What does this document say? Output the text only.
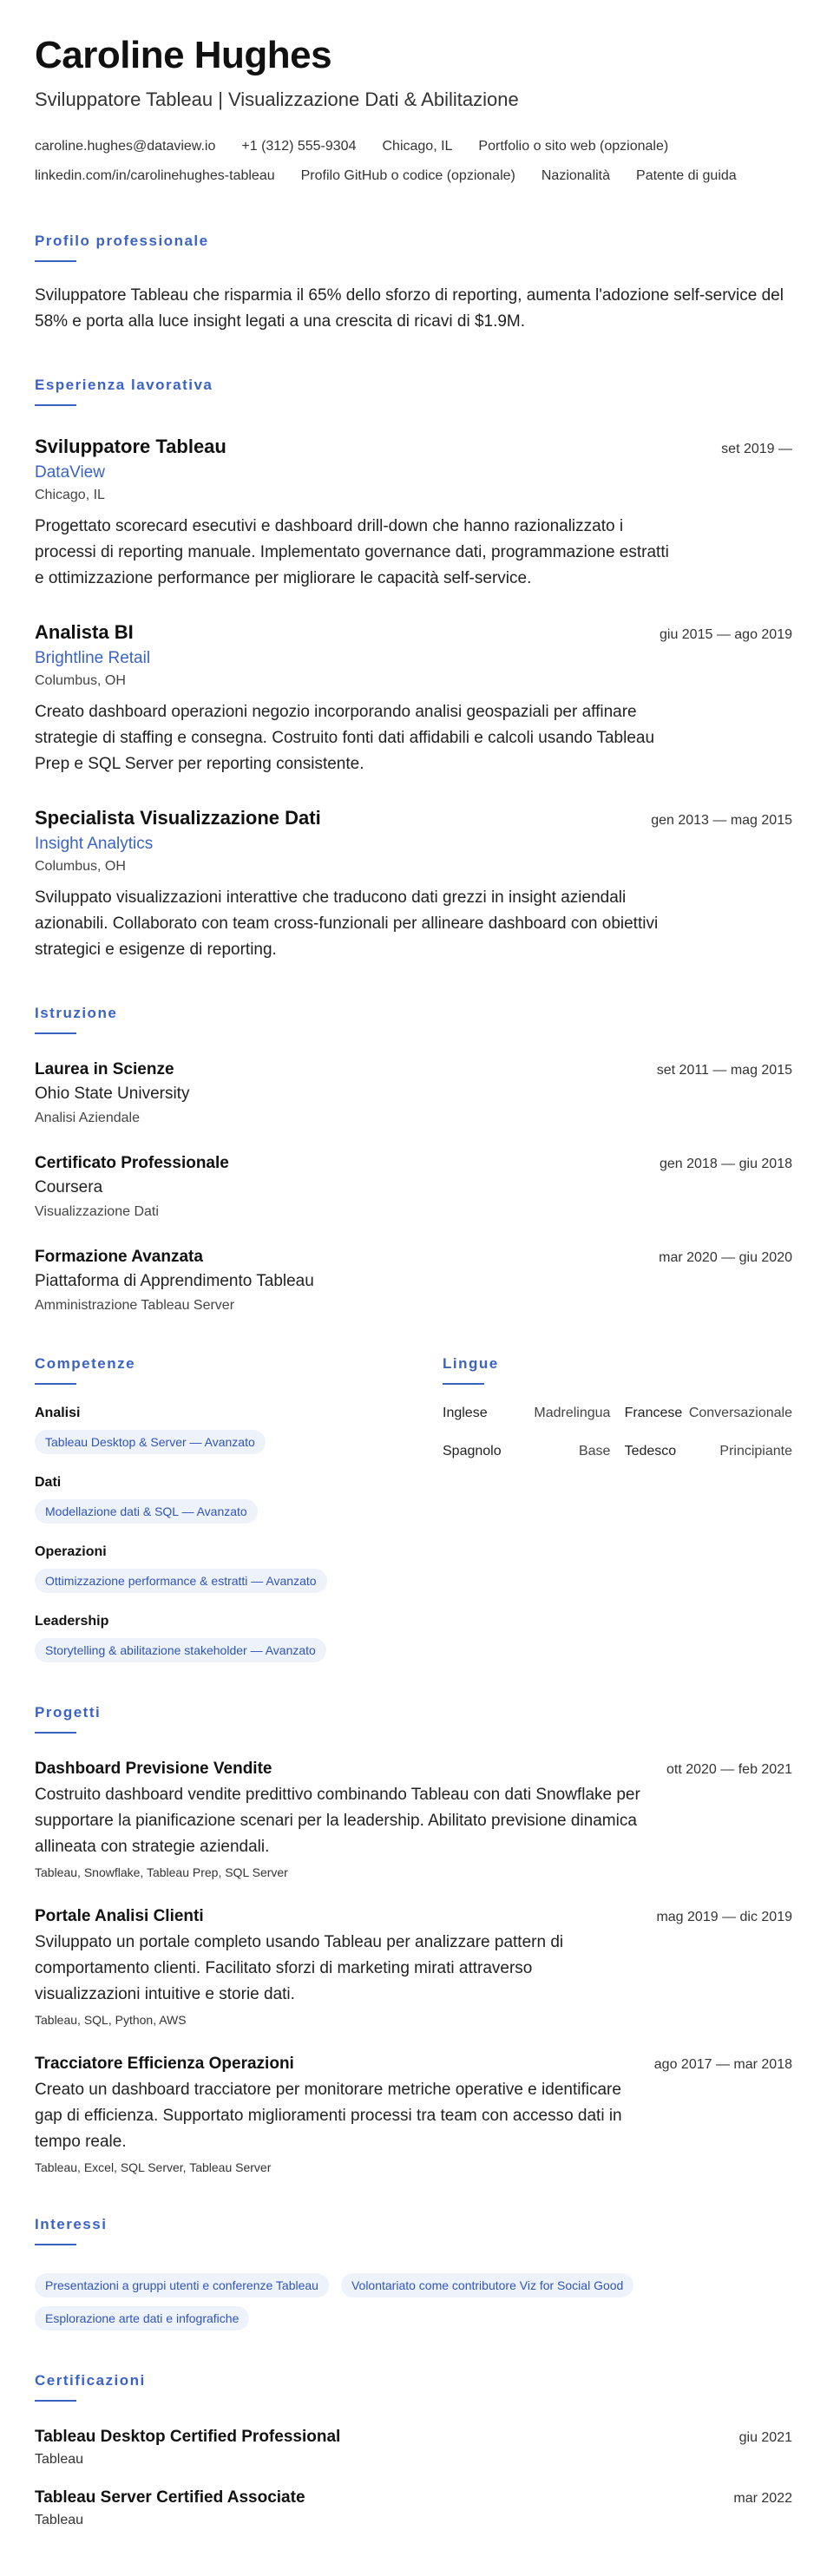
Caroline Hughes
Sviluppatore Tableau | Visualizzazione Dati & Abilitazione
caroline.hughes@dataview.io +1 (312) 555-9304 Chicago, IL Portfolio o sito web (opzionale)
linkedin.com/in/carolinehughes-tableau Profilo GitHub o codice (opzionale) Nazionalità Patente di guida
Profilo professionale

Sviluppatore Tableau che risparmia il 65% dello sforzo di reporting, aumenta l'adozione self-service del 58% e porta alla luce insight legati a una crescita di ricavi di $1.9M.

Esperienza lavorativa
Sviluppatore Tableau	set 2019 —
DataView
Chicago, IL

Progettato scorecard esecutivi e dashboard drill-down che hanno razionalizzato i processi di reporting manuale. Implementato governance dati, programmazione estratti e ottimizzazione performance per migliorare le capacità self-service.

Analista BI	giu 2015 — ago 2019
Brightline Retail
Columbus, OH

Creato dashboard operazioni negozio incorporando analisi geospaziali per affinare strategie di staffing e consegna. Costruito fonti dati affidabili e calcoli usando Tableau Prep e SQL Server per reporting consistente.

Specialista Visualizzazione Dati	gen 2013 — mag 2015
Insight Analytics
Columbus, OH

Sviluppato visualizzazioni interattive che traducono dati grezzi in insight aziendali azionabili. Collaborato con team cross-funzionali per allineare dashboard con obiettivi strategici e esigenze di reporting.

Istruzione
Laurea in Scienze	set 2011 — mag 2015
Ohio State University
Analisi Aziendale
Certificato Professionale	gen 2018 — giu 2018
Coursera
Visualizzazione Dati
Formazione Avanzata	mar 2020 — giu 2020
Piattaforma di Apprendimento Tableau
Amministrazione Tableau Server
Competenze
Analisi
Tableau Desktop & Server — Avanzato
Dati
Modellazione dati & SQL — Avanzato
Operazioni
Ottimizzazione performance & estratti — Avanzato
Leadership
Storytelling & abilitazione stakeholder — Avanzato
Lingue
Inglese	Madrelingua Francese Conversazionale
Spagnolo	Base Tedesco	Principiante
Progetti
Dashboard Previsione Vendite	ott 2020 — feb 2021

Costruito dashboard vendite predittivo combinando Tableau con dati Snowflake per supportare la pianificazione scenari per la leadership. Abilitato previsione dinamica allineata con strategie aziendali.

Tableau, Snowflake, Tableau Prep, SQL Server
Portale Analisi Clienti	mag 2019 — dic 2019

Sviluppato un portale completo usando Tableau per analizzare pattern di comportamento clienti. Facilitato sforzi di marketing mirati attraverso visualizzazioni intuitive e storie dati.

Tableau, SQL, Python, AWS
Tracciatore Efficienza Operazioni	ago 2017 — mar 2018

Creato un dashboard tracciatore per monitorare metriche operative e identificare gap di efficienza. Supportato miglioramenti processi tra team con accesso dati in tempo reale.

Tableau, Excel, SQL Server, Tableau Server
Interessi
Presentazioni a gruppi utenti e conferenze Tableau	Volontariato come contributore Viz for Social Good
Esplorazione arte dati e infografiche
Certificazioni
Tableau Desktop Certified Professional	giu 2021
Tableau
Tableau Server Certified Associate	mar 2022
Tableau
